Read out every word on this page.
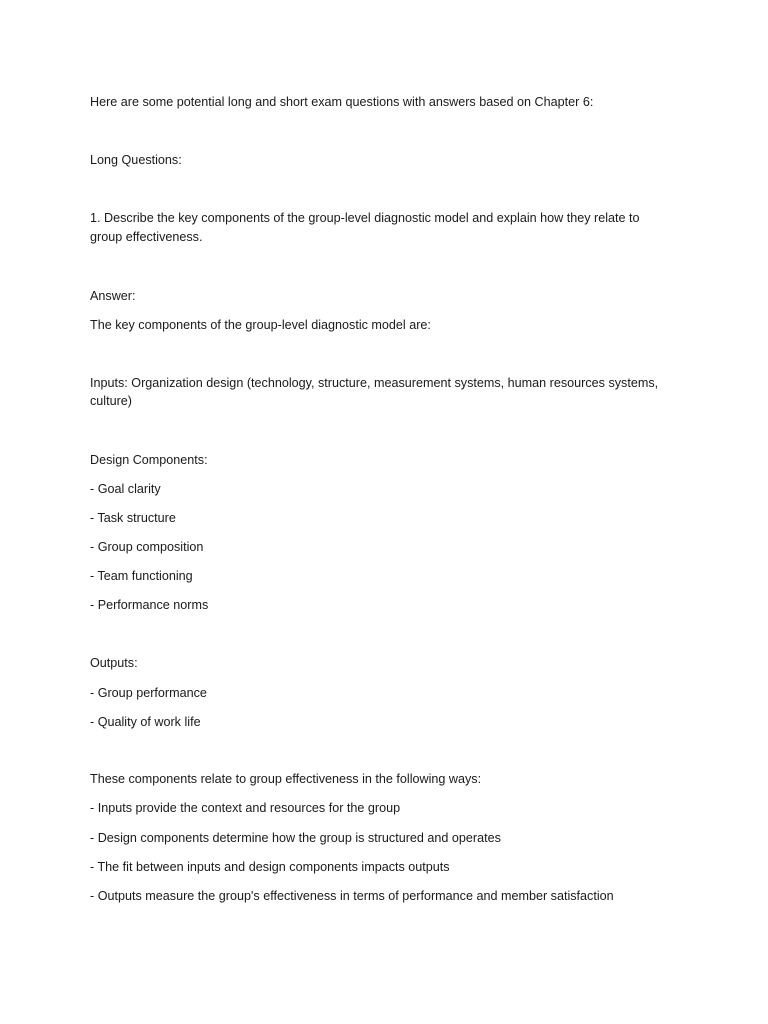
Here are some potential long and short exam questions with answers based on Chapter 6:
Long Questions:
1. Describe the key components of the group-level diagnostic model and explain how they relate to
group effectiveness.
Answer:
The key components of the group-level diagnostic model are:
Inputs: Organization design (technology, structure, measurement systems, human resources systems,
culture)
Design Components:
- Goal clarity
- Task structure
- Group composition
- Team functioning
- Performance norms
Outputs:
- Group performance
- Quality of work life
These components relate to group effectiveness in the following ways:
- Inputs provide the context and resources for the group
- Design components determine how the group is structured and operates
- The fit between inputs and design components impacts outputs
- Outputs measure the group's effectiveness in terms of performance and member satisfaction
